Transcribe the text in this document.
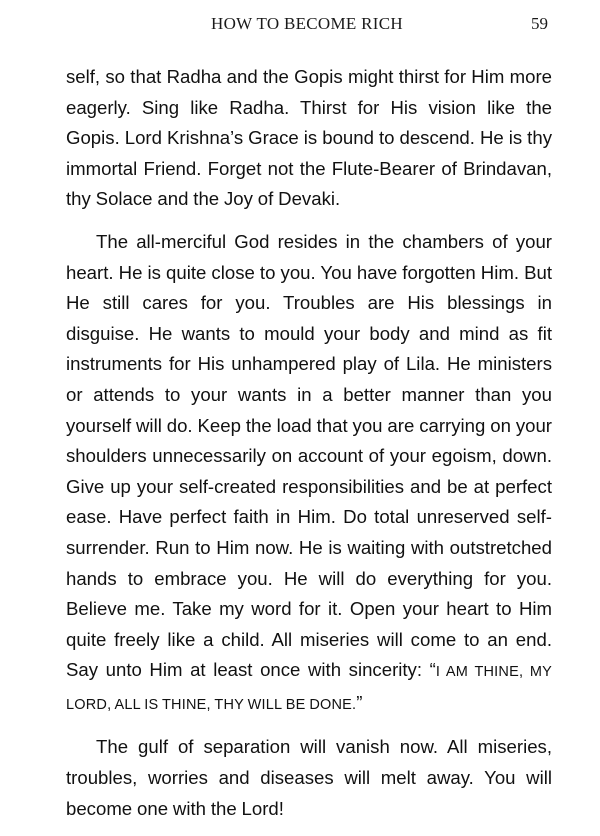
HOW TO BECOME RICH	59

self, so that Radha and the Gopis might thirst for Him more eagerly. Sing like Radha. Thirst for His vision like the Gopis. Lord Krishna’s Grace is bound to descend. He is thy immortal Friend. Forget not the Flute-Bearer of Brindavan, thy Solace and the Joy of Devaki.

The all-merciful God resides in the chambers of your heart. He is quite close to you. You have forgotten Him. But He still cares for you. Troubles are His blessings in disguise. He wants to mould your body and mind as fit instruments for His unhampered play of Lila. He ministers or attends to your wants in a better manner than you yourself will do. Keep the load that you are carrying on your shoulders unnecessarily on account of your egoism, down. Give up your self-created responsibilities and be at perfect ease. Have perfect faith in Him. Do total unreserved self-surrender. Run to Him now. He is waiting with outstretched hands to embrace you. He will do everything for you. Believe me. Take my word for it. Open your heart to Him quite freely like a child. All miseries will come to an end. Say unto Him at least once with sincerity: “I AM THINE, MY LORD, ALL IS THINE, THY WILL BE DONE.”

The gulf of separation will vanish now. All miseries, troubles, worries and diseases will melt away. You will become one with the Lord!
